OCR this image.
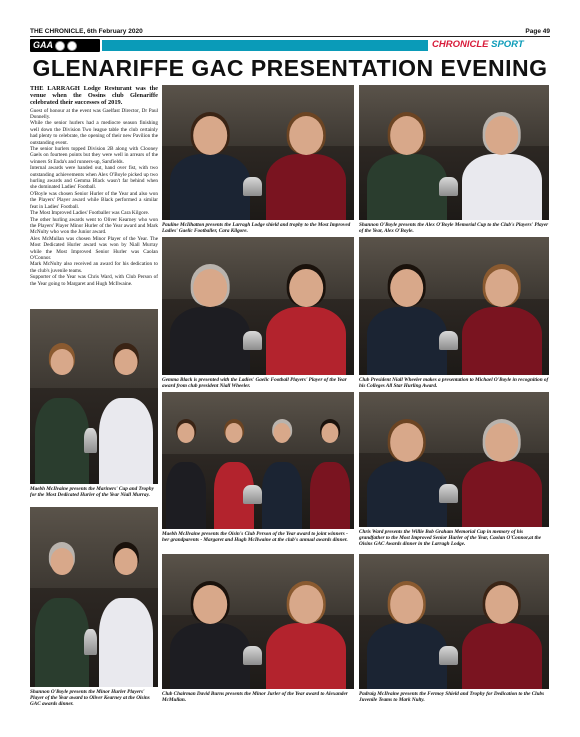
THE CHRONICLE, 6th February 2020	Page 49
GAA	CHRONICLE SPORT
GLENARIFFE GAC PRESENTATION EVENING

THE LARRAGH Lodge Resturant was the venue when the Ossins club Glenariffe celebrated their successes of 2019.

Guest of honour at the event was Gaelfast Director, Dr Paul Donnelly.

While the senior hurlers had a mediocre season finishing well down the Division Two league table the club certainly had plenty to celebrate, the opening of their new Pavilion the outstanding event.

The senior hurlers topped Division 2B along with Clooney Gaels on fourteen points but they were well in arrears of the winners St Enda's and runners-up, Sarsfields.

Internal awards were handed out, hand over fist, with two outstanding achievements when Alex O'Boyle picked up two hurling awards and Gemma Black wasn't far behind when she dominated Ladies' Football.

O'Boyle was chosen Senior Hurler of the Year and also won the Players' Player award while Black performed a similar feat in Ladies' Football.

The Most Improved Ladies' Footballer was Cara Kilgore.

The other hurling awards went to Oliver Kearney who won the Players' Player Minor Hurler of the Year award and Mark McNulty who won the Junior award.

Alex McMullan was chosen Minor Player of the Year. The Most Dedicated Hurler award was won by Niall Murray while the Most Improved Senior Hurler was Caolan O'Connor.

Mark McNulty also received an award for his dedication to the club's juvenile teams.

Supporter of the Year was Chris Ward, with Club Person of the Year going to Margaret and Hugh McIlwaine.

Pauline McIlhatton presents the Larragh Lodge shield and trophy to the Most Improved Ladies' Gaelic Footballer, Cara Kilgore.
Shannon O'Boyle presents the Alex O'Boyle Memorial Cup to the Club's Players' Player of the Year, Alex O'Boyle.
Gemma Black is presented with the Ladies' Gaelic Football Players' Player of the Year award from club president Niall Wheeler.
Club President Niall Wheeler makes a presentation to Michael O'Boyle in recognition of his Colleges All Star Hurling Award.
Maebh McIlvaine presents the Mariners' Cup and Trophy for the Most Dedicated Hurler of the Year Niall Murray.
Maebh McIlvaine presents the Oisin's Club Person of the Year award to joint winners - her grandparents - Margaret and Hugh McIlwaine at the club's annual awards dinner.
Chris Ward presents the Willie Bob Graham Memorial Cup in memory of his grandfather to the Most Improved Senior Hurler of the Year, Caolan O'Connor,at the Oisins GAC Awards dinner in the Larragh Lodge.
Shannon O'Boyle presents the Minor Hurler Players' Player of the Year award to Oliver Kearney at the Oisins GAC awards dinner.
Club Chairman David Burns presents the Minor Jurler of the Year award to Alexander McMullan.
Padraig McIlvaine presents the Fermoy Shield and Trophy for Dedication to the Clubs Juvenile Teams to Mark Nulty.
